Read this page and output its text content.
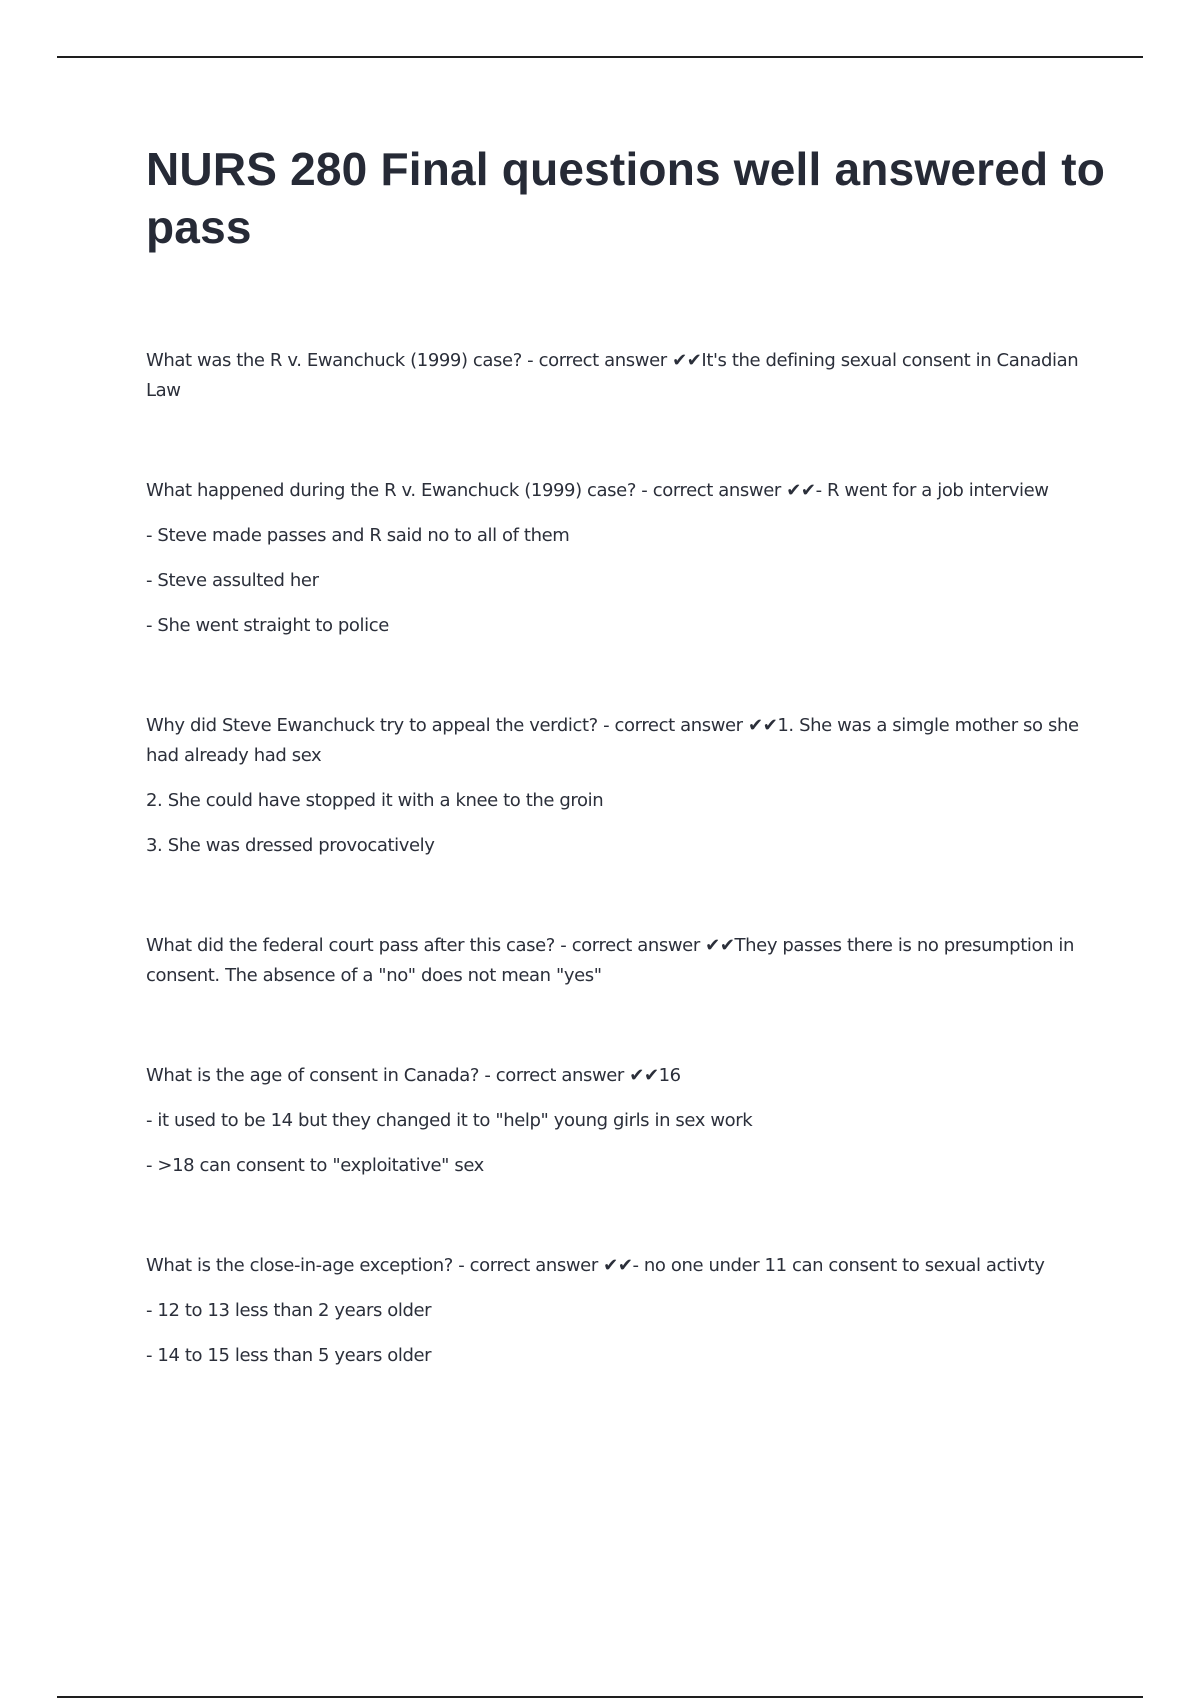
NURS 280 Final questions well answered to pass

What was the R v. Ewanchuck (1999) case? - correct answer ✔✔It's the defining sexual consent in Canadian Law

What happened during the R v. Ewanchuck (1999) case? - correct answer ✔✔- R went for a job interview

- Steve made passes and R said no to all of them

- Steve assulted her

- She went straight to police

Why did Steve Ewanchuck try to appeal the verdict? - correct answer ✔✔1. She was a simgle mother so she had already had sex

2. She could have stopped it with a knee to the groin

3. She was dressed provocatively

What did the federal court pass after this case? - correct answer ✔✔They passes there is no presumption in consent. The absence of a "no" does not mean "yes"

What is the age of consent in Canada? - correct answer ✔✔16

- it used to be 14 but they changed it to "help" young girls in sex work

- >18 can consent to "exploitative" sex

What is the close-in-age exception? - correct answer ✔✔- no one under 11 can consent to sexual activty

- 12 to 13 less than 2 years older

- 14 to 15 less than 5 years older
